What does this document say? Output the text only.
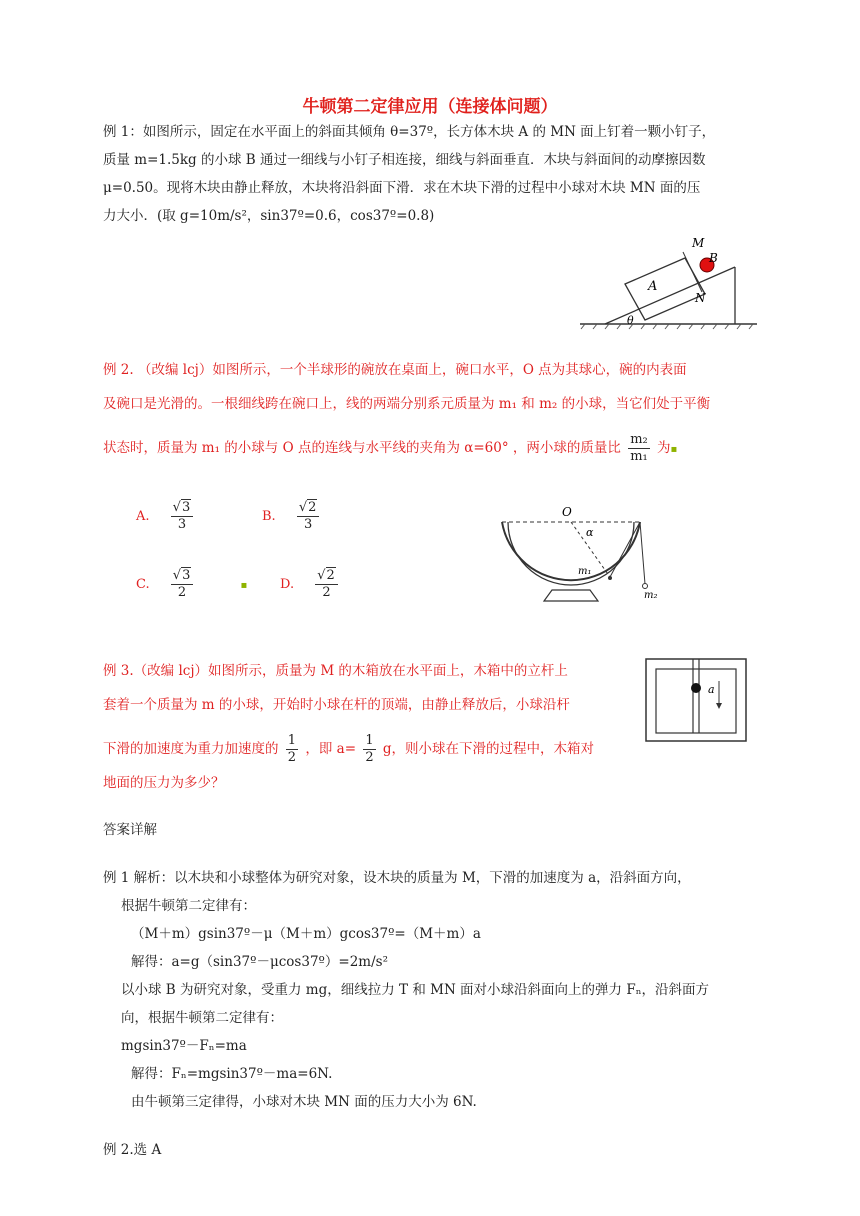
牛顿第二定律应用（连接体问题）
例 1：如图所示，固定在水平面上的斜面其倾角 θ=37º，长方体木块 A 的 MN 面上钉着一颗小钉子，
质量 m=1.5kg 的小球 B 通过一细线与小钉子相连接，细线与斜面垂直．木块与斜面间的动摩擦因数
μ=0.50。现将木块由静止释放，木块将沿斜面下滑．求在木块下滑的过程中小球对木块 MN 面的压
力大小．(取 g=10m/s²，sin37º=0.6，cos37º=0.8)
M
B
A
N
θ
例 2. （改编 lcj）如图所示，一个半球形的碗放在桌面上，碗口水平，O 点为其球心，碗的内表面
及碗口是光滑的。一根细线跨在碗口上，线的两端分别系元质量为 m₁ 和 m₂ 的小球，当它们处于平衡
状态时，质量为 m₁ 的小球与 O 点的连线与水平线的夹角为 α=60° ，两小球的质量比 $\frac{\text{m₂}}{\text{m₁}}$ 为▪
A. $\frac{√3}{3}$	B. $\frac{√2}{3}$
C. $\frac{√3}{2}$	▪	D. $\frac{√2}{2}$
O
α
m₁
m₂
例 3.（改编 lcj）如图所示，质量为 M 的木箱放在水平面上，木箱中的立杆上
套着一个质量为 m 的小球，开始时小球在杆的顶端，由静止释放后，小球沿杆
下滑的加速度为重力加速度的 $\frac{1}{2}$ ，即 $a= \frac{1}{2}$ g，则小球在下滑的过程中，木箱对
地面的压力为多少？
a
答案详解
例 1 解析：以木块和小球整体为研究对象，设木块的质量为 M，下滑的加速度为 a，沿斜面方向，
根据牛顿第二定律有：
（M＋m）gsin37º－μ（M＋m）gcos37º=（M＋m）a
解得：a=g（sin37º－μcos37º）=2m/s²
以小球 B 为研究对象，受重力 mg，细线拉力 T 和 MN 面对小球沿斜面向上的弹力 Fₙ，沿斜面方
向，根据牛顿第二定律有：
mgsin37º－Fₙ=ma
解得：Fₙ=mgsin37º－ma=6N.
由牛顿第三定律得，小球对木块 MN 面的压力大小为 6N.
例 2.选 A
